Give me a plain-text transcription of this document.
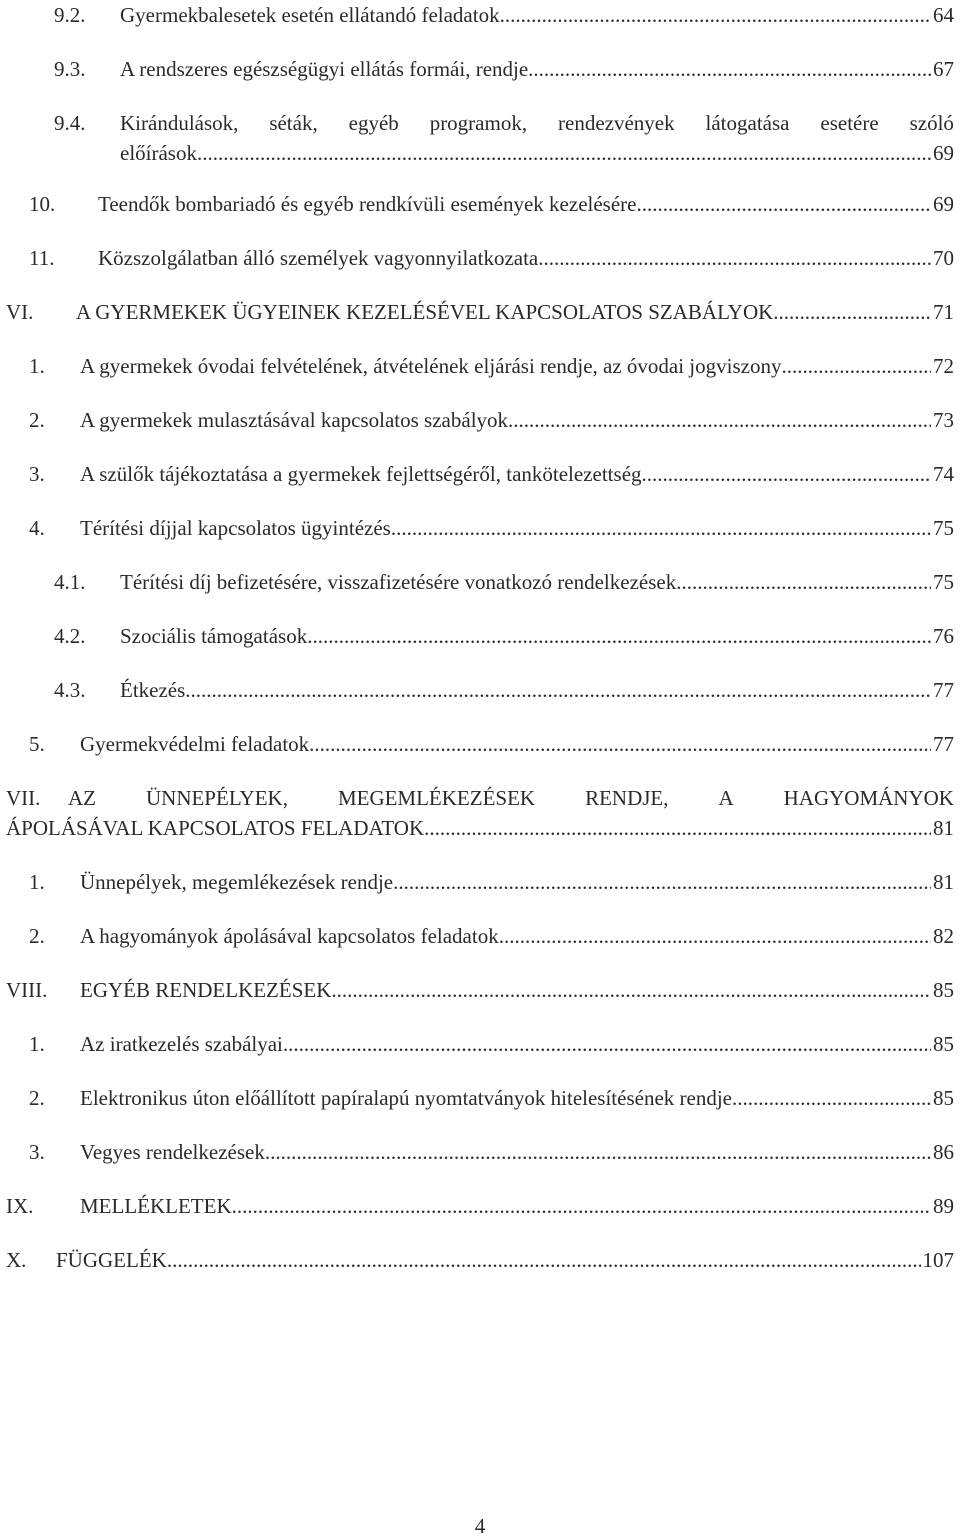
9.2. Gyermekbalesetek esetén ellátandó feladatok .....	64
9.3. A rendszeres egészségügyi ellátás formái, rendje .....	67
9.4. Kirándulások, séták, egyéb programok, rendezvények látogatása esetére szóló
előírások .....	69
10. Teendők bombariadó és egyéb rendkívüli események kezelésére .....	69
11. Közszolgálatban álló személyek vagyonnyilatkozata .....	70
VI. A GYERMEKEK ÜGYEINEK KEZELÉSÉVEL KAPCSOLATOS SZABÁLYOK .....	71
1. A gyermekek óvodai felvételének, átvételének eljárási rendje, az óvodai jogviszony .....	72
2. A gyermekek mulasztásával kapcsolatos szabályok .....	73
3. A szülők tájékoztatása a gyermekek fejlettségéről, tankötelezettség .....	74
4. Térítési díjjal kapcsolatos ügyintézés .....	75
4.1. Térítési díj befizetésére, visszafizetésére vonatkozó rendelkezések .....	75
4.2. Szociális támogatások .....	76
4.3. Étkezés .....	77
5. Gyermekvédelmi feladatok .....	77
VII. AZ ÜNNEPÉLYEK, MEGEMLÉKEZÉSEK RENDJE, A HAGYOMÁNYOK
ÁPOLÁSÁVAL KAPCSOLATOS FELADATOK .....	81
1. Ünnepélyek, megemlékezések rendje .....	81
2. A hagyományok ápolásával kapcsolatos feladatok .....	82
VIII. EGYÉB RENDELKEZÉSEK .....	85
1. Az iratkezelés szabályai .....	85
2. Elektronikus úton előállított papíralapú nyomtatványok hitelesítésének rendje .....	85
3. Vegyes rendelkezések .....	86
IX. MELLÉKLETEK .....	89
X. FÜGGELÉK .....	107
4
